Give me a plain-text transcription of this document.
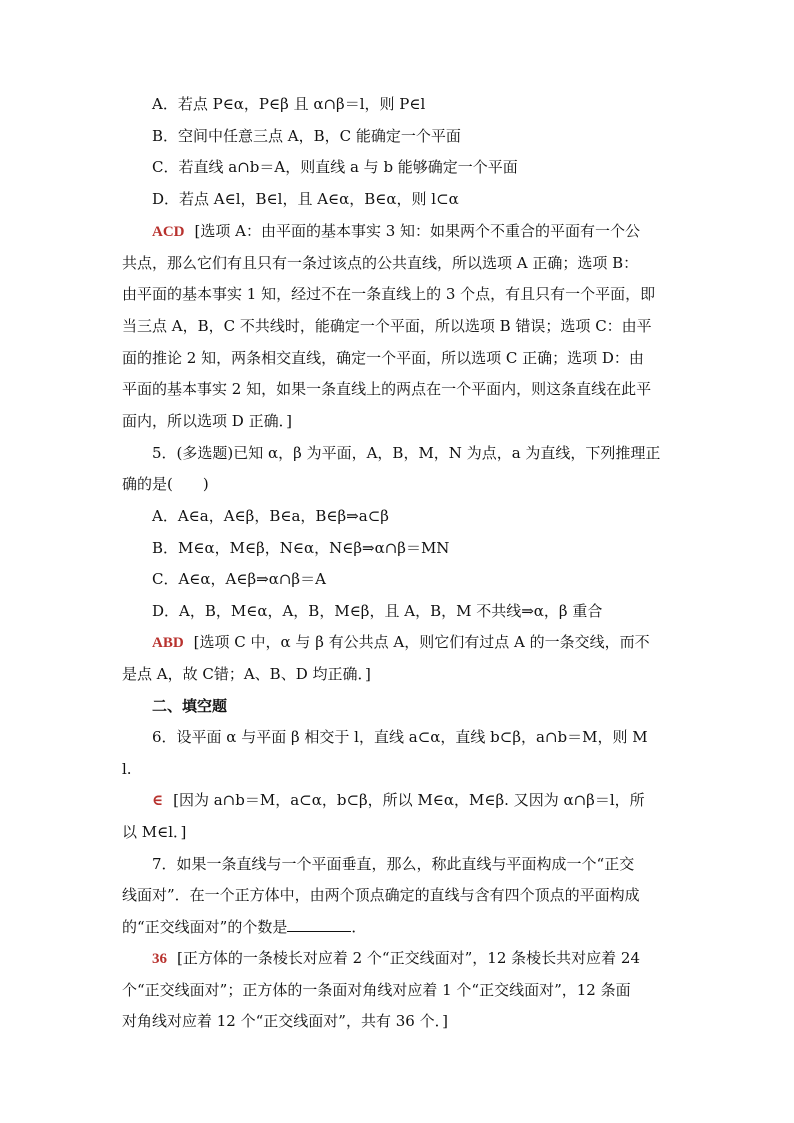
A．若点 P∈α，P∈β 且 α∩β＝l，则 P∈l
B．空间中任意三点 A，B，C 能确定一个平面
C．若直线 a∩b＝A，则直线 a 与 b 能够确定一个平面
D．若点 A∈l，B∈l，且 A∈α，B∈α，则 l⊂α
ACD [选项 A：由平面的基本事实 3 知：如果两个不重合的平面有一个公
共点，那么它们有且只有一条过该点的公共直线，所以选项 A 正确；选项 B：
由平面的基本事实 1 知，经过不在一条直线上的 3 个点，有且只有一个平面，即
当三点 A，B，C 不共线时，能确定一个平面，所以选项 B 错误；选项 C：由平
面的推论 2 知，两条相交直线，确定一个平面，所以选项 C 正确；选项 D：由
平面的基本事实 2 知，如果一条直线上的两点在一个平面内，则这条直线在此平
面内，所以选项 D 正确．]
5．(多选题)已知 α，β 为平面，A，B，M，N 为点，a 为直线，下列推理正
确的是(　　)
A．A∈a，A∈β，B∈a，B∈β⇒a⊂β
B．M∈α，M∈β，N∈α，N∈β⇒α∩β＝MN
C．A∈α，A∈β⇒α∩β＝A
D．A，B，M∈α，A，B，M∈β，且 A，B，M 不共线⇒α，β 重合
ABD [选项 C 中，α 与 β 有公共点 A，则它们有过点 A 的一条交线，而不
是点 A，故 C错；A、B、D 均正确．]
二、填空题
6．设平面 α 与平面 β 相交于 l，直线 a⊂α，直线 b⊂β，a∩b＝M，则 M
l.
∈ [因为 a∩b＝M，a⊂α，b⊂β，所以 M∈α，M∈β. 又因为 α∩β＝l，所
以 M∈l．]
7．如果一条直线与一个平面垂直，那么，称此直线与平面构成一个“正交
线面对”．在一个正方体中，由两个顶点确定的直线与含有四个顶点的平面构成
的“正交线面对”的个数是	．
36 [正方体的一条棱长对应着 2 个“正交线面对”，12 条棱长共对应着 24
个“正交线面对”；正方体的一条面对角线对应着 1 个“正交线面对”，12 条面
对角线对应着 12 个“正交线面对”，共有 36 个．]
